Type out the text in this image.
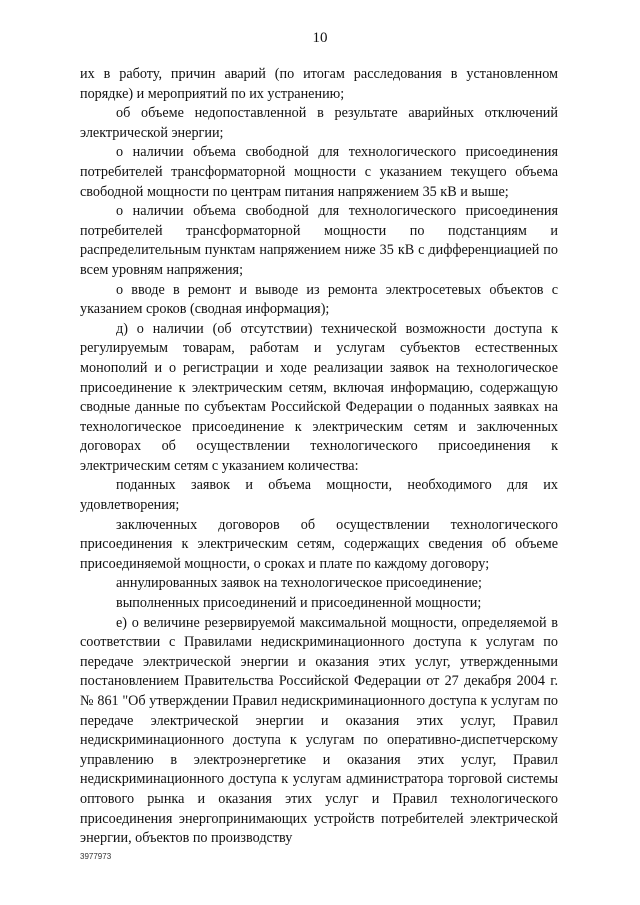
10

их в работу, причин аварий (по итогам расследования в установленном порядке) и мероприятий по их устранению;

об объеме недопоставленной в результате аварийных отключений электрической энергии;

о наличии объема свободной для технологического присоединения потребителей трансформаторной мощности с указанием текущего объема свободной мощности по центрам питания напряжением 35 кВ и выше;

о наличии объема свободной для технологического присоединения потребителей трансформаторной мощности по подстанциям и распределительным пунктам напряжением ниже 35 кВ с дифференциацией по всем уровням напряжения;

о вводе в ремонт и выводе из ремонта электросетевых объектов с указанием сроков (сводная информация);

д) о наличии (об отсутствии) технической возможности доступа к регулируемым товарам, работам и услугам субъектов естественных монополий и о регистрации и ходе реализации заявок на технологическое присоединение к электрическим сетям, включая информацию, содержащую сводные данные по субъектам Российской Федерации о поданных заявках на технологическое присоединение к электрическим сетям и заключенных договорах об осуществлении технологического присоединения к электрическим сетям с указанием количества:

поданных заявок и объема мощности, необходимого для их удовлетворения;

заключенных договоров об осуществлении технологического присоединения к электрическим сетям, содержащих сведения об объеме присоединяемой мощности, о сроках и плате по каждому договору;

аннулированных заявок на технологическое присоединение;

выполненных присоединений и присоединенной мощности;

е) о величине резервируемой максимальной мощности, определяемой в соответствии с Правилами недискриминационного доступа к услугам по передаче электрической энергии и оказания этих услуг, утвержденными постановлением Правительства Российской Федерации от 27 декабря 2004 г. № 861 "Об утверждении Правил недискриминационного доступа к услугам по передаче электрической энергии и оказания этих услуг, Правил недискриминационного доступа к услугам по оперативно-диспетчерскому управлению в электроэнергетике и оказания этих услуг, Правил недискриминационного доступа к услугам администратора торговой системы оптового рынка и оказания этих услуг и Правил технологического присоединения энергопринимающих устройств потребителей электрической энергии, объектов по производству

3977973
